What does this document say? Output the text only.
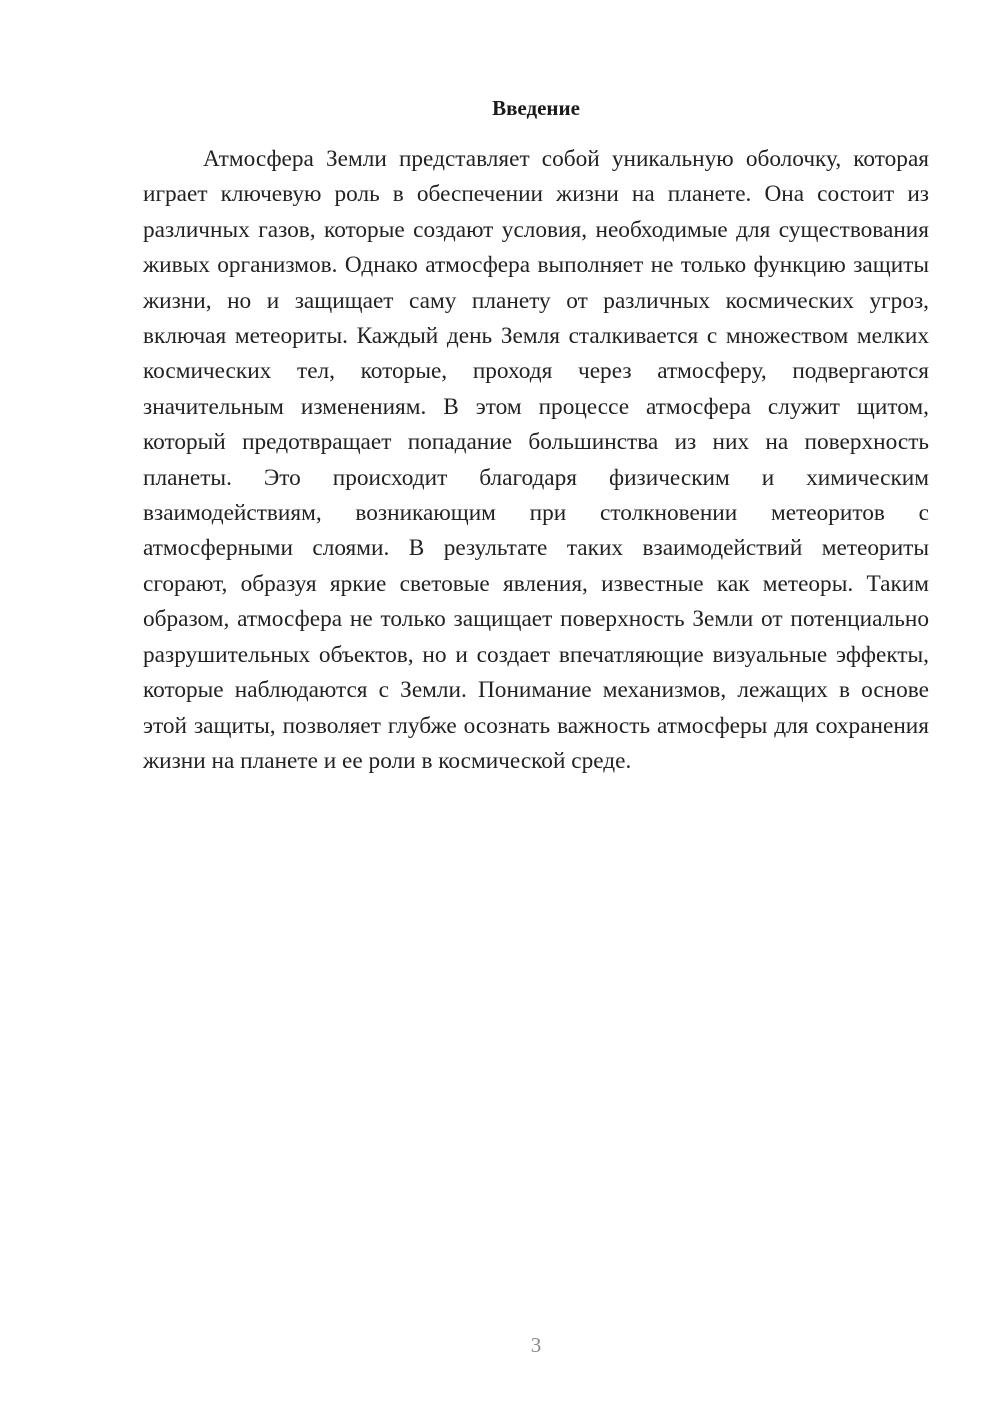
Введение

Атмосфера Земли представляет собой уникальную оболочку, которая играет ключевую роль в обеспечении жизни на планете. Она состоит из различных газов, которые создают условия, необходимые для существования живых организмов. Однако атмосфера выполняет не только функцию защиты жизни, но и защищает саму планету от различных космических угроз, включая метеориты. Каждый день Земля сталкивается с множеством мелких космических тел, которые, проходя через атмосферу, подвергаются значительным изменениям. В этом процессе атмосфера служит щитом, который предотвращает попадание большинства из них на поверхность планеты. Это происходит благодаря физическим и химическим взаимодействиям, возникающим при столкновении метеоритов с атмосферными слоями. В результате таких взаимодействий метеориты сгорают, образуя яркие световые явления, известные как метеоры. Таким образом, атмосфера не только защищает поверхность Земли от потенциально разрушительных объектов, но и создает впечатляющие визуальные эффекты, которые наблюдаются с Земли. Понимание механизмов, лежащих в основе этой защиты, позволяет глубже осознать важность атмосферы для сохранения жизни на планете и ее роли в космической среде.

3
